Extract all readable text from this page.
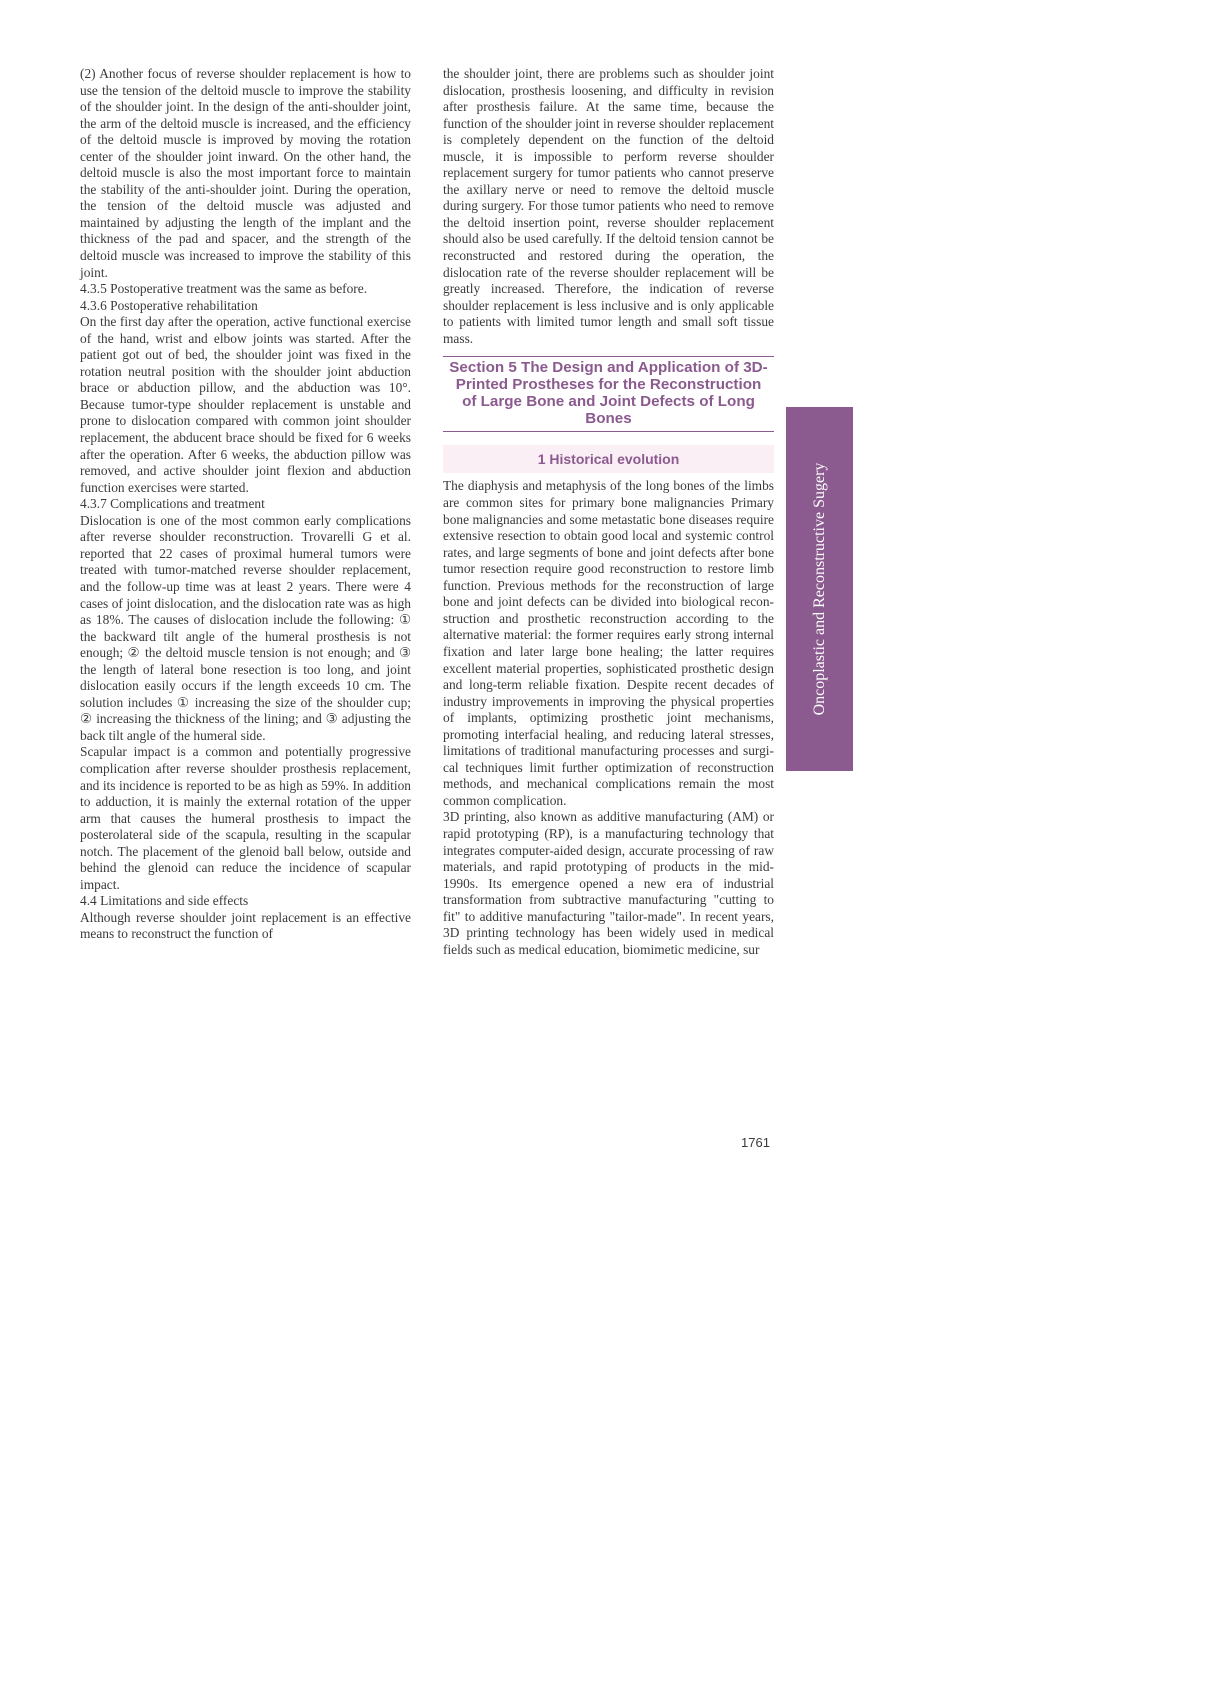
(2) Another focus of reverse shoulder replacement is how to use the tension of the deltoid muscle to improve the stability of the shoulder joint. In the design of the anti-shoulder joint, the arm of the deltoid muscle is increased, and the efficiency of the deltoid muscle is improved by moving the rotation center of the shoulder joint inward. On the other hand, the deltoid muscle is also the most important force to maintain the stability of the anti-shoulder joint. During the operation, the tension of the deltoid muscle was adjusted and maintained by adjusting the length of the implant and the thickness of the pad and spacer, and the strength of the deltoid muscle was increased to improve the stability of this joint.

4.3.5 Postoperative treatment was the same as before.

4.3.6 Postoperative rehabilitation

On the first day after the operation, active functional exercise of the hand, wrist and elbow joints was started. After the patient got out of bed, the shoulder joint was fixed in the rotation neutral position with the shoulder joint abduction brace or abduction pillow, and the abduction was 10°. Because tumor-type shoulder replacement is unstable and prone to dislocation compared with common joint shoulder replacement, the abducent brace should be fixed for 6 weeks after the operation. After 6 weeks, the abduction pillow was removed, and active shoulder joint flexion and abduction function exercises were started.

4.3.7 Complications and treatment

Dislocation is one of the most common early complications after reverse shoulder reconstruction. Trovarelli G et al. reported that 22 cases of proximal humeral tumors were treated with tumor-matched reverse shoulder replacement, and the follow-up time was at least 2 years. There were 4 cases of joint dislocation, and the dislocation rate was as high as 18%. The causes of dislocation include the following: ① the backward tilt angle of the humeral prosthesis is not enough; ② the deltoid muscle tension is not enough; and ③ the length of lateral bone resection is too long, and joint dislocation easily occurs if the length exceeds 10 cm. The solution includes ① increasing the size of the shoulder cup; ② increasing the thickness of the lining; and ③ adjusting the back tilt angle of the humeral side.

Scapular impact is a common and potentially progressive complication after reverse shoulder prosthesis replacement, and its incidence is reported to be as high as 59%. In addition to adduction, it is mainly the external rotation of the upper arm that causes the humeral prosthesis to impact the posterolateral side of the scapula, resulting in the scapular notch. The placement of the glenoid ball below, outside and behind the glenoid can reduce the incidence of scapular impact.

4.4 Limitations and side effects

Although reverse shoulder joint replacement is an effective means to reconstruct the function of

the shoulder joint, there are problems such as shoulder joint dislocation, prosthesis loosening, and difficulty in revision after prosthesis failure. At the same time, because the function of the shoulder joint in reverse shoulder replacement is completely dependent on the function of the deltoid muscle, it is impossible to perform reverse shoulder replacement surgery for tumor patients who cannot preserve the axillary nerve or need to remove the deltoid muscle during surgery. For those tumor patients who need to remove the deltoid insertion point, reverse shoulder replacement should also be used carefully. If the deltoid tension cannot be reconstructed and restored during the operation, the dislocation rate of the reverse shoulder replacement will be greatly increased. Therefore, the indication of reverse shoulder replacement is less inclusive and is only applicable to patients with limited tumor length and small soft tissue mass.

Section 5 The Design and Application of 3D-Printed Prostheses for the Reconstruction of Large Bone and Joint Defects of Long Bones
1 Historical evolution

The diaphysis and metaphysis of the long bones of the limbs are common sites for primary bone malignancies Primary bone malignancies and some metastatic bone diseases require extensive resection to obtain good local and systemic control rates, and large segments of bone and joint defects after bone tumor resection require good reconstruction to restore limb function. Previous methods for the reconstruction of large bone and joint defects can be divided into biological reconstruction and prosthetic reconstruction according to the alternative material: the former requires early strong internal fixation and later large bone healing; the latter requires excellent material properties, sophisticated prosthetic design and long-term reliable fixation. Despite recent decades of industry improvements in improving the physical properties of implants, optimizing prosthetic joint mechanisms, promoting interfacial healing, and reducing lateral stresses, limitations of traditional manufacturing processes and surgical techniques limit further optimization of reconstruction methods, and mechanical complications remain the most common complication.

3D printing, also known as additive manufacturing (AM) or rapid prototyping (RP), is a manufacturing technology that integrates computer-aided design, accurate processing of raw materials, and rapid prototyping of products in the mid-1990s. Its emergence opened a new era of industrial transformation from subtractive manufacturing "cutting to fit" to additive manufacturing "tailor-made". In recent years, 3D printing technology has been widely used in medical fields such as medical education, biomimetic medicine, sur

Oncoplastic and Reconstructive Sugery
1761
